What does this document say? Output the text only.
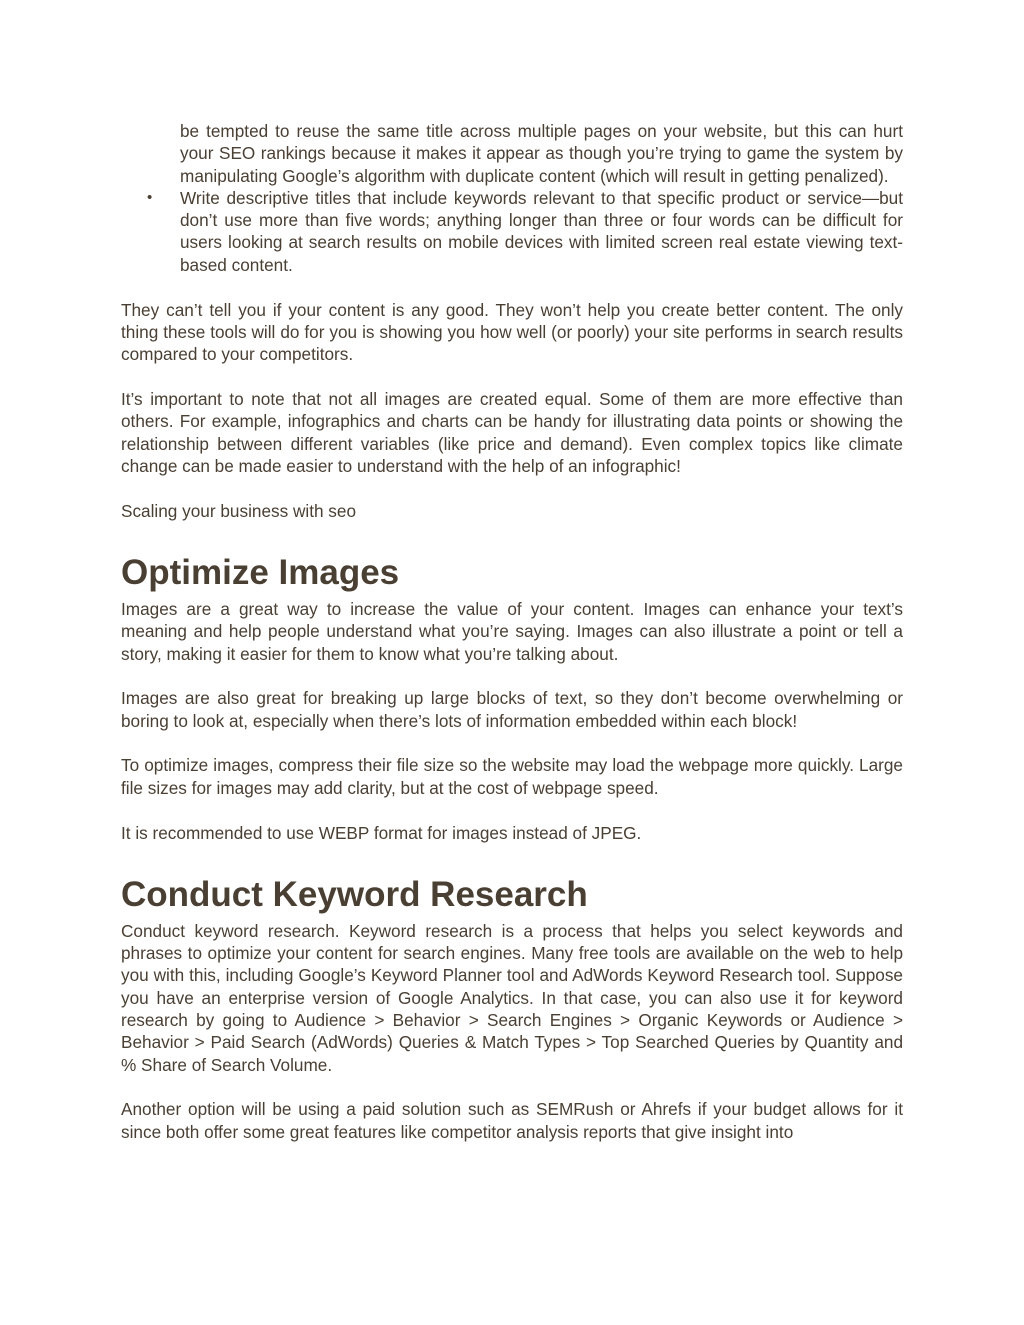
be tempted to reuse the same title across multiple pages on your website, but this can hurt your SEO rankings because it makes it appear as though you’re trying to game the system by manipulating Google’s algorithm with duplicate content (which will result in getting penalized).
• Write descriptive titles that include keywords relevant to that specific product or service—but don’t use more than five words; anything longer than three or four words can be difficult for users looking at search results on mobile devices with limited screen real estate viewing text-based content.

They can’t tell you if your content is any good. They won’t help you create better content. The only thing these tools will do for you is showing you how well (or poorly) your site performs in search results compared to your competitors.

It’s important to note that not all images are created equal. Some of them are more effective than others. For example, infographics and charts can be handy for illustrating data points or showing the relationship between different variables (like price and demand). Even complex topics like climate change can be made easier to understand with the help of an infographic!

Scaling your business with seo

Optimize Images

Images are a great way to increase the value of your content. Images can enhance your text’s meaning and help people understand what you’re saying. Images can also illustrate a point or tell a story, making it easier for them to know what you’re talking about.

Images are also great for breaking up large blocks of text, so they don’t become overwhelming or boring to look at, especially when there’s lots of information embedded within each block!

To optimize images, compress their file size so the website may load the webpage more quickly. Large file sizes for images may add clarity, but at the cost of webpage speed.

It is recommended to use WEBP format for images instead of JPEG.

Conduct Keyword Research

Conduct keyword research. Keyword research is a process that helps you select keywords and phrases to optimize your content for search engines. Many free tools are available on the web to help you with this, including Google’s Keyword Planner tool and AdWords Keyword Research tool. Suppose you have an enterprise version of Google Analytics. In that case, you can also use it for keyword research by going to Audience > Behavior > Search Engines > Organic Keywords or Audience > Behavior > Paid Search (AdWords) Queries & Match Types > Top Searched Queries by Quantity and % Share of Search Volume.

Another option will be using a paid solution such as SEMRush or Ahrefs if your budget allows for it since both offer some great features like competitor analysis reports that give insight into
